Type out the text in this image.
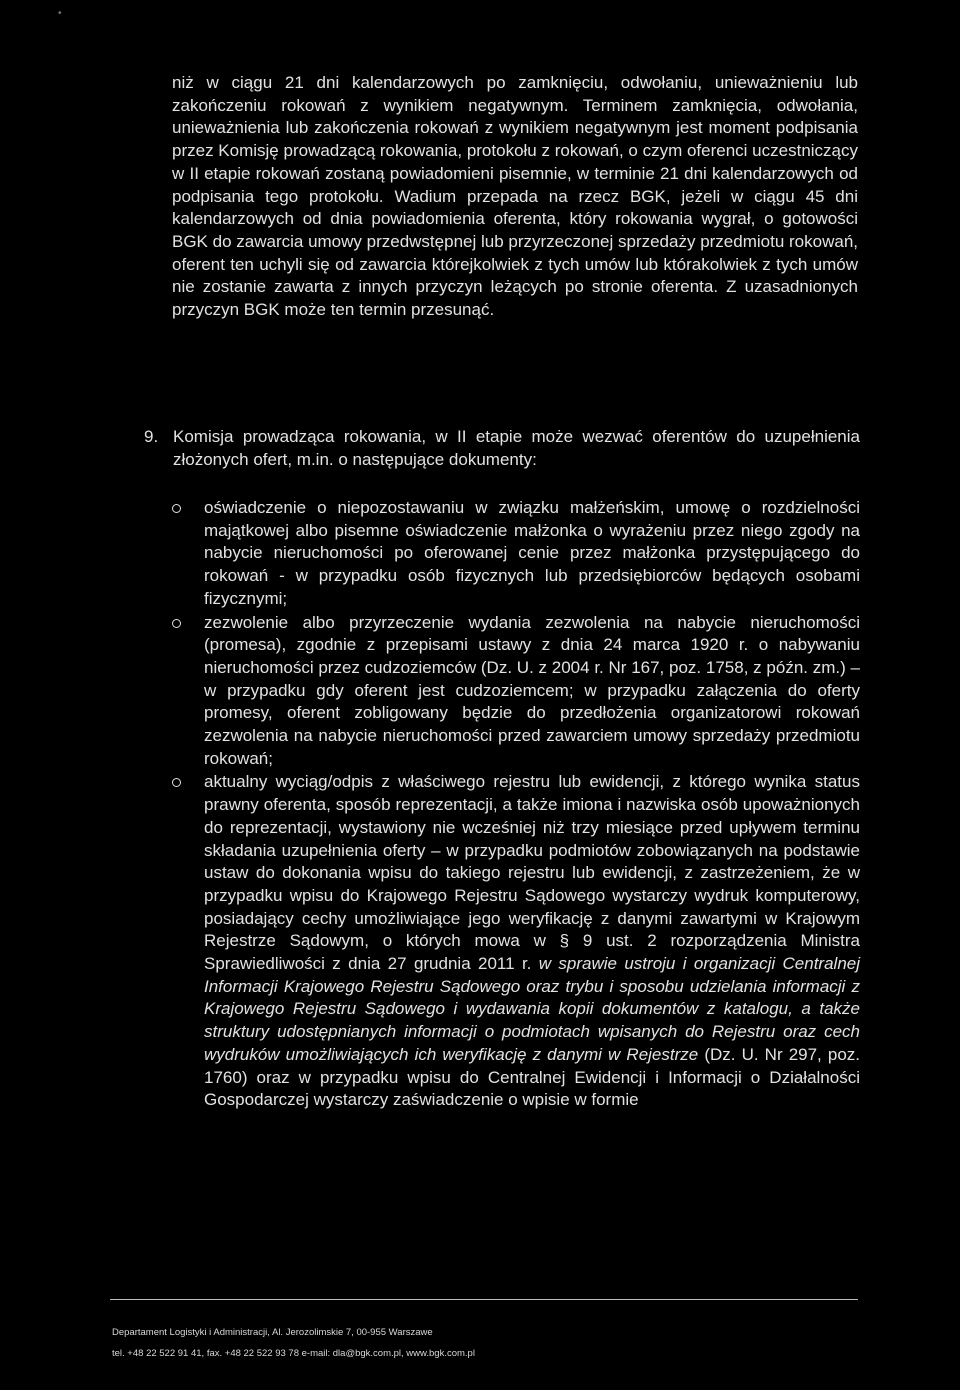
•

niż w ciągu 21 dni kalendarzowych po zamknięciu, odwołaniu, unieważnieniu lub zakończeniu rokowań z wynikiem negatywnym. Terminem zamknięcia, odwołania, unieważnienia lub zakończenia rokowań z wynikiem negatywnym jest moment podpisania przez Komisję prowadzącą rokowania, protokołu z rokowań, o czym oferenci uczestniczący w II etapie rokowań zostaną powiadomieni pisemnie, w terminie 21 dni kalendarzowych od podpisania tego protokołu. Wadium przepada na rzecz BGK, jeżeli w ciągu 45 dni kalendarzowych od dnia powiadomienia oferenta, który rokowania wygrał, o gotowości BGK do zawarcia umowy przedwstępnej lub przyrzeczonej sprzedaży przedmiotu rokowań, oferent ten uchyli się od zawarcia którejkolwiek z tych umów lub którakolwiek z tych umów nie zostanie zawarta z innych przyczyn leżących po stronie oferenta. Z uzasadnionych przyczyn BGK może ten termin przesunąć.

9. Komisja prowadząca rokowania, w II etapie może wezwać oferentów do uzupełnienia złożonych ofert, m.in. o następujące dokumenty:
oświadczenie o niepozostawaniu w związku małżeńskim, umowę o rozdzielności majątkowej albo pisemne oświadczenie małżonka o wyrażeniu przez niego zgody na nabycie nieruchomości po oferowanej cenie przez małżonka przystępującego do rokowań - w przypadku osób fizycznych lub przedsiębiorców będących osobami fizycznymi;
zezwolenie albo przyrzeczenie wydania zezwolenia na nabycie nieruchomości (promesa), zgodnie z przepisami ustawy z dnia 24 marca 1920 r. o nabywaniu nieruchomości przez cudzoziemców (Dz. U. z 2004 r. Nr 167, poz. 1758, z późn. zm.) – w przypadku gdy oferent jest cudzoziemcem; w przypadku załączenia do oferty promesy, oferent zobligowany będzie do przedłożenia organizatorowi rokowań zezwolenia na nabycie nieruchomości przed zawarciem umowy sprzedaży przedmiotu rokowań;
aktualny wyciąg/odpis z właściwego rejestru lub ewidencji, z którego wynika status prawny oferenta, sposób reprezentacji, a także imiona i nazwiska osób upoważnionych do reprezentacji, wystawiony nie wcześniej niż trzy miesiące przed upływem terminu składania uzupełnienia oferty – w przypadku podmiotów zobowiązanych na podstawie ustaw do dokonania wpisu do takiego rejestru lub ewidencji, z zastrzeżeniem, że w przypadku wpisu do Krajowego Rejestru Sądowego wystarczy wydruk komputerowy, posiadający cechy umożliwiające jego weryfikację z danymi zawartymi w Krajowym Rejestrze Sądowym, o których mowa w § 9 ust. 2 rozporządzenia Ministra Sprawiedliwości z dnia 27 grudnia 2011 r. w sprawie ustroju i organizacji Centralnej Informacji Krajowego Rejestru Sądowego oraz trybu i sposobu udzielania informacji z Krajowego Rejestru Sądowego i wydawania kopii dokumentów z katalogu, a także struktury udostępnianych informacji o podmiotach wpisanych do Rejestru oraz cech wydruków umożliwiających ich weryfikację z danymi w Rejestrze (Dz. U. Nr 297, poz. 1760) oraz w przypadku wpisu do Centralnej Ewidencji i Informacji o Działalności Gospodarczej wystarczy zaświadczenie o wpisie w formie
Departament Logistyki i Administracji, Al. Jerozolimskie 7, 00-955 Warszawe
tel. +48 22 522 91 41, fax. +48 22 522 93 78 e-mail: dla@bgk.com.pl, www.bgk.com.pl
